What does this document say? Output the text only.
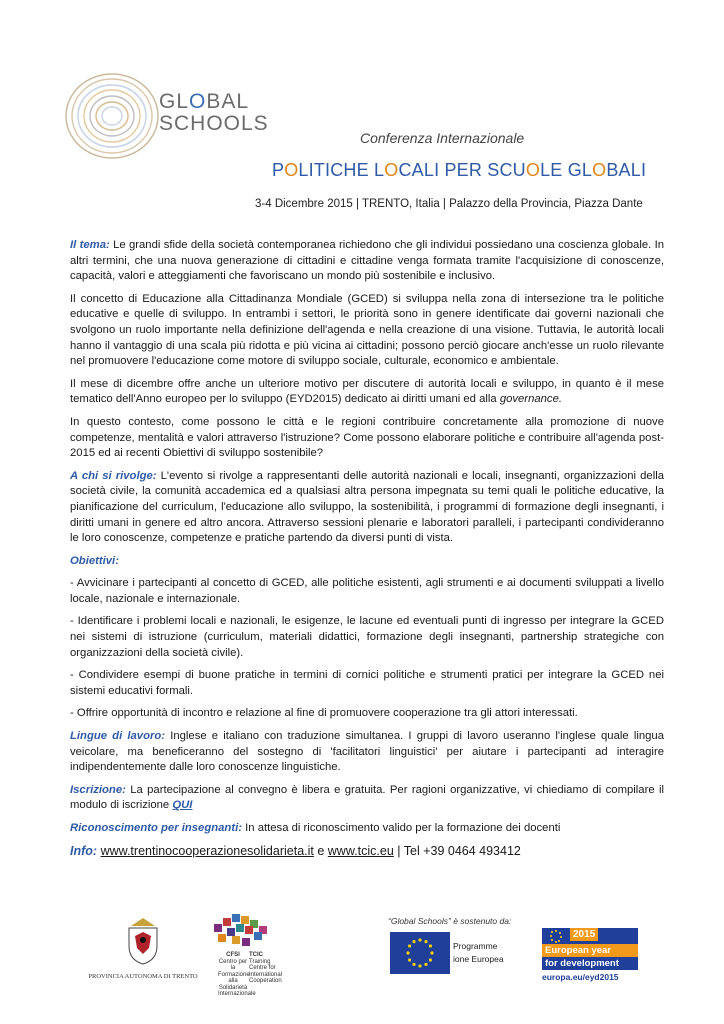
GLOBAL
SCHOOLS
Conferenza Internazionale
POLITICHE LOCALI PER SCUOLE GLOBALI
3-4 Dicembre 2015 | TRENTO, Italia | Palazzo della Provincia, Piazza Dante

Il tema: Le grandi sfide della società contemporanea richiedono che gli individui possiedano una coscienza globale. In altri termini, che una nuova generazione di cittadini e cittadine venga formata tramite l'acquisizione di conoscenze, capacità, valori e atteggiamenti che favoriscano un mondo più sostenibile e inclusivo.

Il concetto di Educazione alla Cittadinanza Mondiale (GCED) si sviluppa nella zona di intersezione tra le politiche educative e quelle di sviluppo. In entrambi i settori, le priorità sono in genere identificate dai governi nazionali che svolgono un ruolo importante nella definizione dell'agenda e nella creazione di una visione. Tuttavia, le autorità locali hanno il vantaggio di una scala più ridotta e più vicina ai cittadini; possono perciò giocare anch'esse un ruolo rilevante nel promuovere l'educazione come motore di sviluppo sociale, culturale, economico e ambientale.

Il mese di dicembre offre anche un ulteriore motivo per discutere di autorità locali e sviluppo, in quanto è il mese tematico dell'Anno europeo per lo sviluppo (EYD2015) dedicato ai diritti umani ed alla governance.

In questo contesto, come possono le città e le regioni contribuire concretamente alla promozione di nuove competenze, mentalità e valori attraverso l'istruzione? Come possono elaborare politiche e contribuire all'agenda post-2015 ed ai recenti Obiettivi di sviluppo sostenibile?

A chi si rivolge: L'evento si rivolge a rappresentanti delle autorità nazionali e locali, insegnanti, organizzazioni della società civile, la comunità accademica ed a qualsiasi altra persona impegnata su temi quali le politiche educative, la pianificazione del curriculum, l'educazione allo sviluppo, la sostenibilità, i programmi di formazione degli insegnanti, i diritti umani in genere ed altro ancora. Attraverso sessioni plenarie e laboratori paralleli, i partecipanti condivideranno le loro conoscenze, competenze e pratiche partendo da diversi punti di vista.

Obiettivi:

- Avvicinare i partecipanti al concetto di GCED, alle politiche esistenti, agli strumenti e ai documenti sviluppati a livello locale, nazionale e internazionale.

- Identificare i problemi locali e nazionali, le esigenze, le lacune ed eventuali punti di ingresso per integrare la GCED nei sistemi di istruzione (curriculum, materiali didattici, formazione degli insegnanti, partnership strategiche con organizzazioni della società civile).

- Condividere esempi di buone pratiche in termini di cornici politiche e strumenti pratici per integrare la GCED nei sistemi educativi formali.

- Offrire opportunità di incontro e relazione al fine di promuovere cooperazione tra gli attori interessati.

Lingue di lavoro: Inglese e italiano con traduzione simultanea. I gruppi di lavoro useranno l'inglese quale lingua veicolare, ma beneficeranno del sostegno di 'facilitatori linguistici' per aiutare i partecipanti ad interagire indipendentemente dalle loro conoscenze linguistiche.

Iscrizione: La partecipazione al convegno è libera e gratuita. Per ragioni organizzative, vi chiediamo di compilare il modulo di iscrizione QUI

Riconoscimento per insegnanti: In attesa di riconoscimento valido per la formazione dei docenti

Info: www.trentinocooperazionesolidarieta.it e www.tcic.eu | Tel +39 0464 493412

PROVINCIA AUTONOMA DI TRENTO
CFSI
Centro per la Formazione alla Solidarietà Internazionale
TCIC
Training Centre for International Cooperation
“Global Schools” è sostenuto da:
Programme
ione Europea
2015
European year
for development
europa.eu/eyd2015
